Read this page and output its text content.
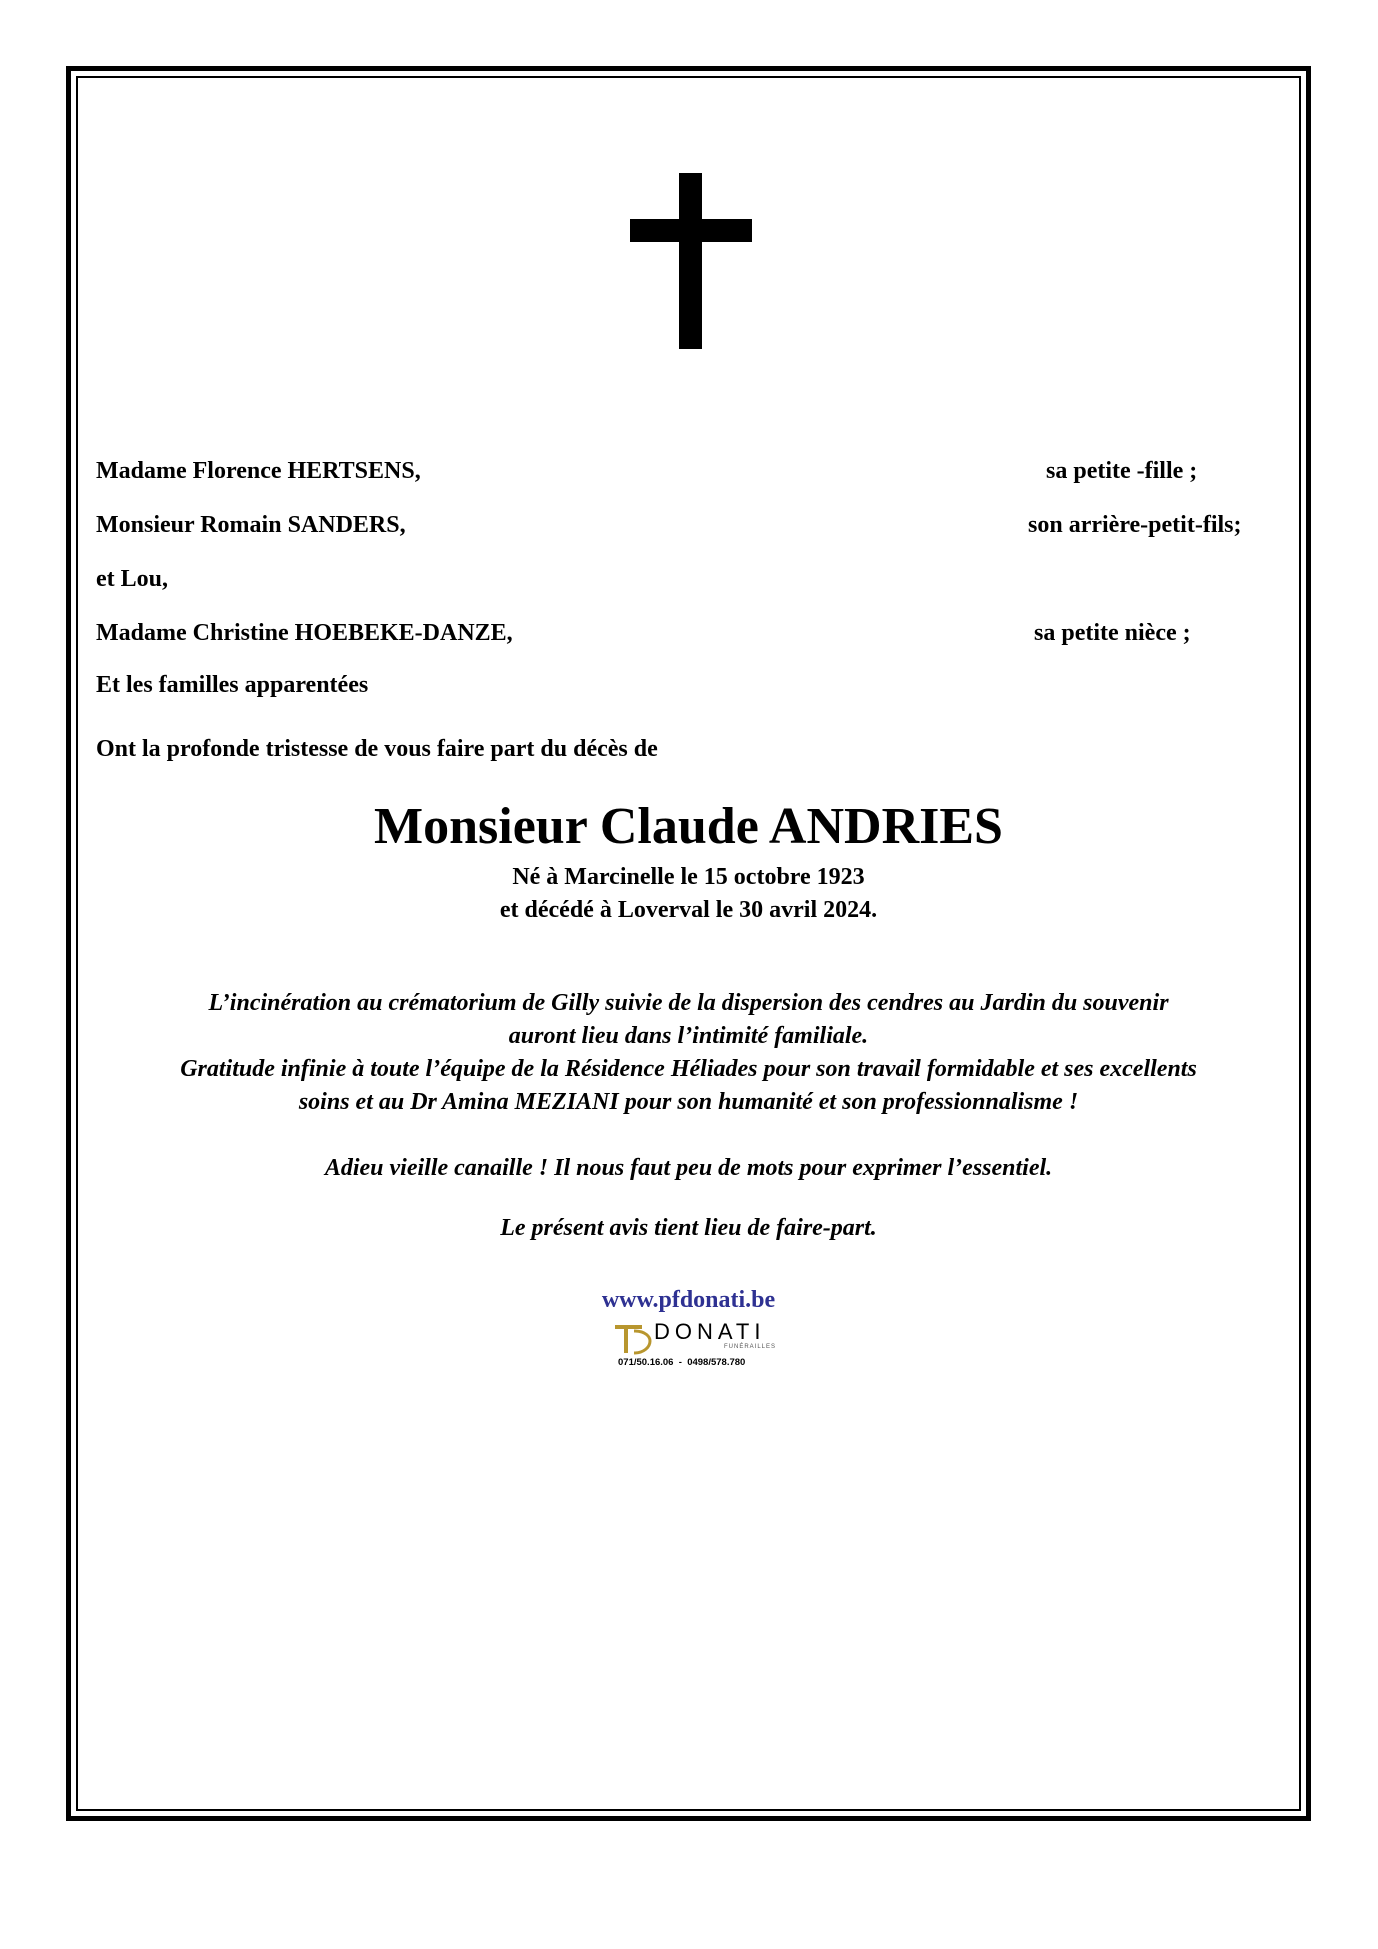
Madame Florence HERTSENS,	sa petite -fille ;
Monsieur Romain SANDERS,	son arrière-petit-fils;
et Lou,
Madame Christine HOEBEKE-DANZE,	sa petite nièce ;
Et les familles apparentées
Ont la profonde tristesse de vous faire part du décès de
Monsieur Claude ANDRIES
Né à Marcinelle le 15 octobre 1923
et décédé à Loverval le 30 avril 2024.
L’incinération au crématorium de Gilly suivie de la dispersion des cendres au Jardin du souvenir
auront lieu dans l’intimité familiale.
Gratitude infinie à toute l’équipe de la Résidence Héliades pour son travail formidable et ses excellents
soins et au Dr Amina MEZIANI pour son humanité et son professionnalisme !
Adieu vieille canaille ! Il nous faut peu de mots pour exprimer l’essentiel.
Le présent avis tient lieu de faire-part.
www.pfdonati.be
DONATI
FUNÉRAILLES
071/50.16.06  -  0498/578.780
